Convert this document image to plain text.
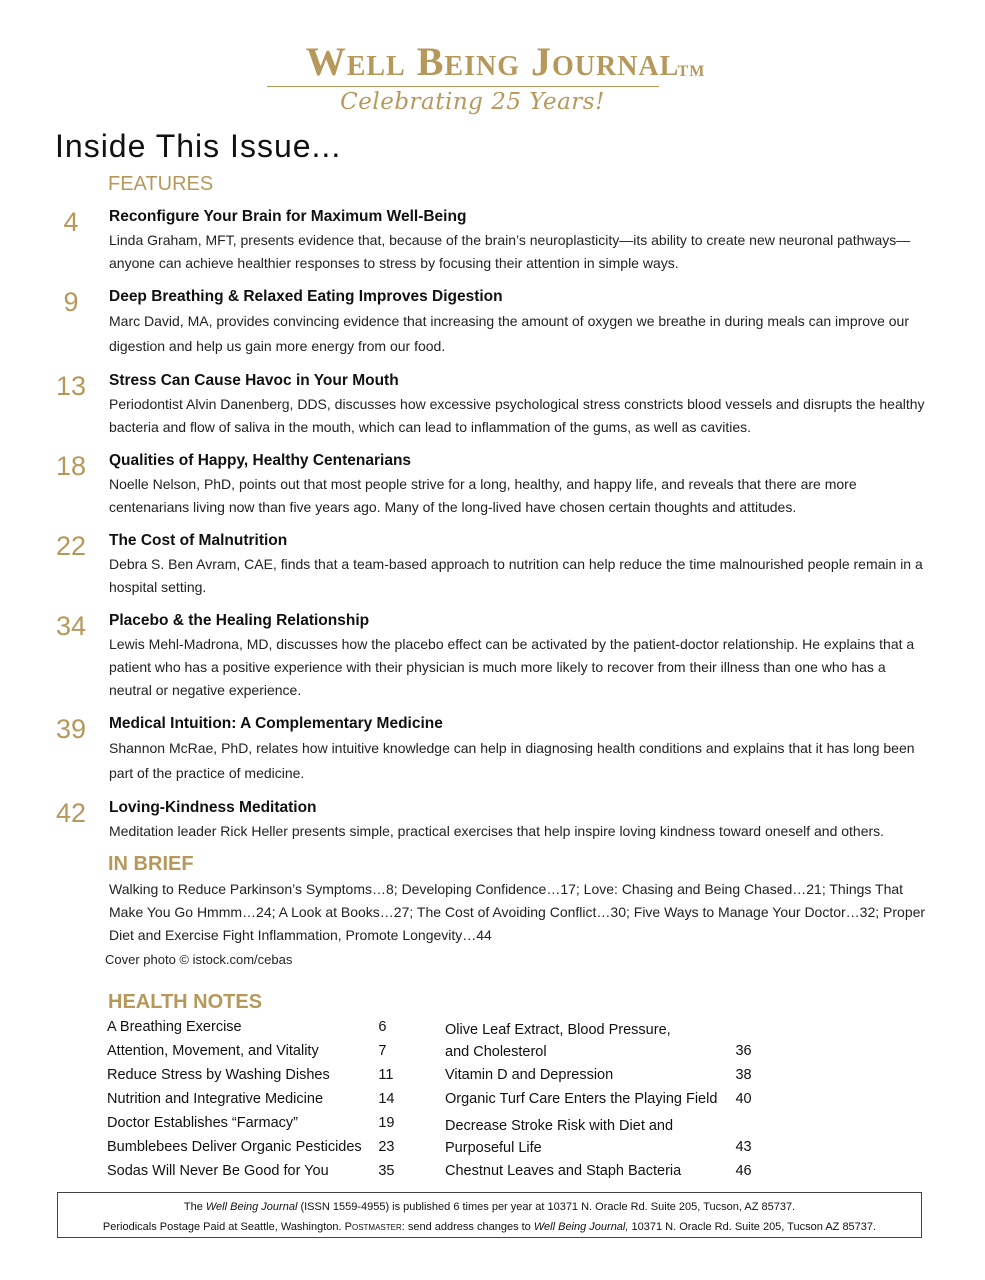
Well Being Journal
TM
Celebrating 25 Years!
Inside This Issue...
FEATURES
4	Reconfigure Your Brain for Maximum Well-Being
Linda Graham, MFT, presents evidence that, because of the brain’s neuroplasticity—its ability to create new neuronal pathways—anyone can achieve healthier responses to stress by focusing their attention in simple ways.
9	Deep Breathing & Relaxed Eating Improves Digestion
Marc David, MA, provides convincing evidence that increasing the amount of oxygen we breathe in during meals can improve our digestion and help us gain more energy from our food.
13	Stress Can Cause Havoc in Your Mouth
Periodontist Alvin Danenberg, DDS, discusses how excessive psychological stress constricts blood vessels and disrupts the healthy bacteria and flow of saliva in the mouth, which can lead to inflammation of the gums, as well as cavities.
18	Qualities of Happy, Healthy Centenarians
Noelle Nelson, PhD, points out that most people strive for a long, healthy, and happy life, and reveals that there are more centenarians living now than five years ago. Many of the long-lived have chosen certain thoughts and attitudes.
22	The Cost of Malnutrition
Debra S. Ben Avram, CAE, finds that a team-based approach to nutrition can help reduce the time malnourished people remain in a hospital setting.
34	Placebo & the Healing Relationship
Lewis Mehl-Madrona, MD, discusses how the placebo effect can be activated by the patient-doctor relationship. He explains that a patient who has a positive experience with their physician is much more likely to recover from their illness than one who has a neutral or negative experience.
39	Medical Intuition: A Complementary Medicine
Shannon McRae, PhD, relates how intuitive knowledge can help in diagnosing health conditions and explains that it has long been part of the practice of medicine.
42	Loving-Kindness Meditation
Meditation leader Rick Heller presents simple, practical exercises that help inspire loving kindness toward oneself and others.
IN BRIEF
Walking to Reduce Parkinson’s Symptoms…8; Developing Confidence…17; Love: Chasing and Being Chased…21; Things That Make You Go Hmmm…24; A Look at Books…27; The Cost of Avoiding Conflict…30; Five Ways to Manage Your Doctor…32; Proper Diet and Exercise Fight Inflammation, Promote Longevity…44
Cover photo © istock.com/cebas
HEALTH NOTES
A Breathing Exercise	6
Attention, Movement, and Vitality	7
Reduce Stress by Washing Dishes	11
Nutrition and Integrative Medicine	14
Doctor Establishes “Farmacy”	19
Bumblebees Deliver Organic Pesticides	23
Sodas Will Never Be Good for You	35
Olive Leaf Extract, Blood Pressure,
and Cholesterol	36
Vitamin D and Depression	38
Organic Turf Care Enters the Playing Field	40
Decrease Stroke Risk with Diet and
Purposeful Life	43
Chestnut Leaves and Staph Bacteria	46
The Well Being Journal (ISSN 1559-4955) is published 6 times per year at 10371 N. Oracle Rd. Suite 205, Tucson, AZ 85737.
Periodicals Postage Paid at Seattle, Washington. Postmaster: send address changes to Well Being Journal, 10371 N. Oracle Rd. Suite 205, Tucson AZ 85737.
